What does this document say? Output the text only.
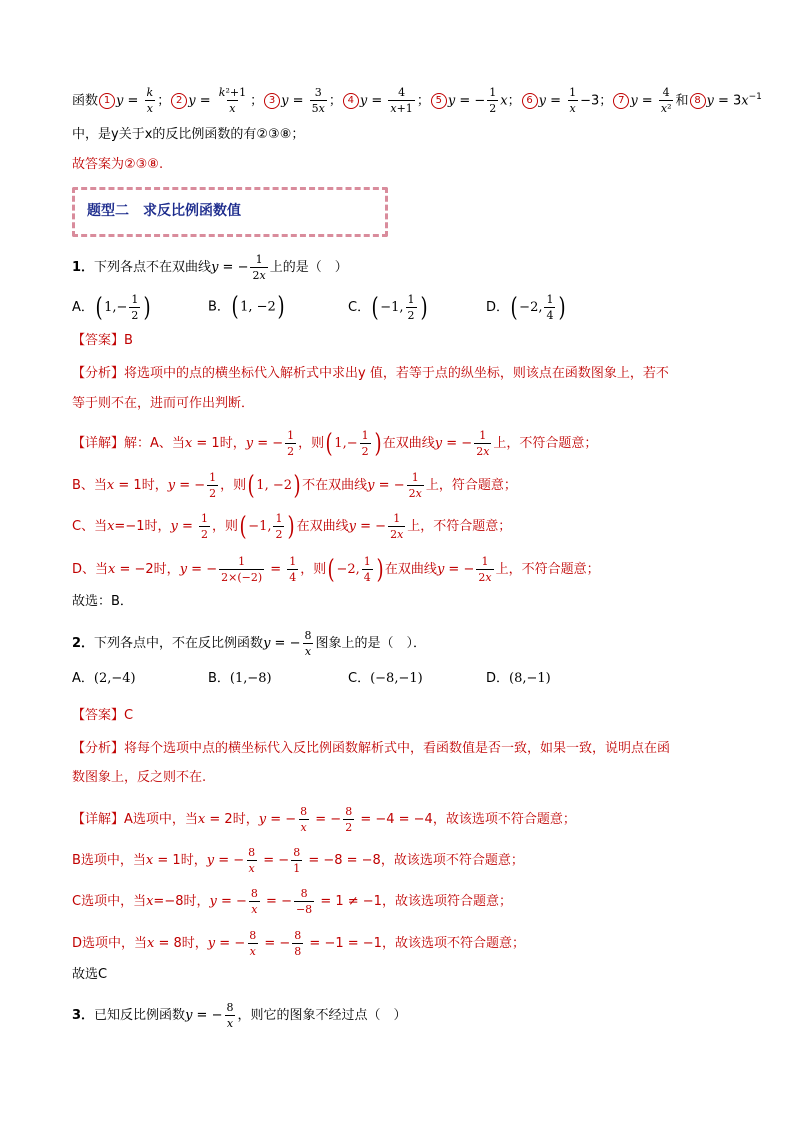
函数 1 $y = \frac{k}{x}$ ； 2 $y = \frac{\text{k²+1}}{x}$ ； 3 $y = \frac{3}{5x}$ ； 4 $y = \frac{4}{x+1}$ ； 5 y = − $\frac{1}{2}$ x； 6 $y = \frac{1}{x} -3$； 7 $y = \frac{4}{\text{x²}}$ 和 8 $y = 3x^{-1}$
中，是y关于x的反比例函数的有②③⑧；
故答案为②③⑧.
题型二　求反比例函数值
1．下列各点不在双曲线y = − $\frac{1}{2x}$ 上的是（　）
A．( $1,- \frac{1}{2}$ )	B．( 1, −2)	C．( −1, $\frac{1}{2}$ )	D．( −2, $\frac{1}{4}$ )
【答案】B
【分析】将选项中的点的横坐标代入解析式中求出y 值，若等于点的纵坐标，则该点在函数图象上，若不
等于则不在，进而可作出判断．
【详解】解：A、当x = 1时，y = − $\frac{1}{2}$ ，则( $1,- \frac{1}{2}$ ) 在双曲线y = − $\frac{1}{2x}$ 上，不符合题意；
B、当x = 1时，y = − $\frac{1}{2}$ ，则( 1, −2) 不在双曲线y = − $\frac{1}{2x}$ 上，符合题意；
C、当x=−1时，$y = \frac{1}{2}$ ，则( −1, $\frac{1}{2}$ ) 在双曲线y = − $\frac{1}{2x}$ 上，不符合题意；
D、当x = −2时，y = − $\frac{1}{2\times(-2)} = \frac{1}{4}$ ，则( −2, $\frac{1}{4}$ ) 在双曲线y = − $\frac{1}{2x}$ 上，不符合题意；
故选：B．
2．下列各点中，不在反比例函数y = − $\frac{8}{x}$ 图象上的是（　）．
A．(2,−4)	B．(1,−8)	C．(−8,−1)	D．(8,−1)
【答案】C
【分析】将每个选项中点的横坐标代入反比例函数解析式中，看函数值是否一致，如果一致，说明点在函
数图象上，反之则不在.
【详解】A选项中，当x = 2时，y = − $\frac{8}{x}$ = − $\frac{8}{2} = -4 = -4$，故该选项不符合题意；
B选项中，当x = 1时，y = − $\frac{8}{x}$ = − $\frac{8}{1} = -8 = -8$，故该选项不符合题意；
C选项中，当x=−8时，y = − $\frac{8}{x}$ = − $\frac{8}{-8} = 1 \ne -1$，故该选项符合题意；
D选项中，当x = 8时，y = − $\frac{8}{x}$ = − $\frac{8}{8} = -1 = -1$，故该选项不符合题意；
故选C
3．已知反比例函数y = − $\frac{8}{x}$ ，则它的图象不经过点（　）
